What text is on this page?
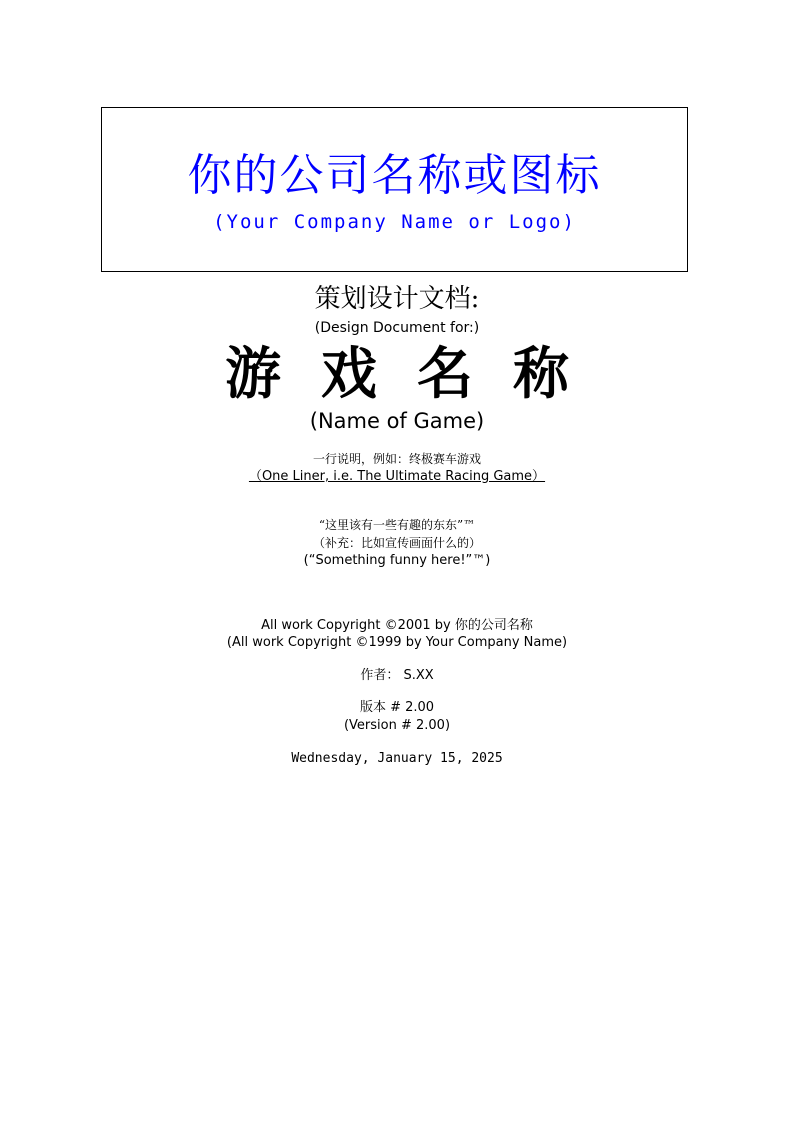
你的公司名称或图标
(Your Company Name or Logo)
策划设计文档:
(Design Document for:)
游戏名称
(Name of Game)
一行说明，例如：终极赛车游戏
（One Liner, i.e. The Ultimate Racing Game）
“这里该有一些有趣的东东”™
（补充：比如宣传画面什么的）
(“Something funny here!”™)
All work Copyright ©2001 by 你的公司名称
(All work Copyright ©1999 by Your Company Name)
作者： S.XX
版本 # 2.00
(Version # 2.00)
Wednesday, January 15, 2025
